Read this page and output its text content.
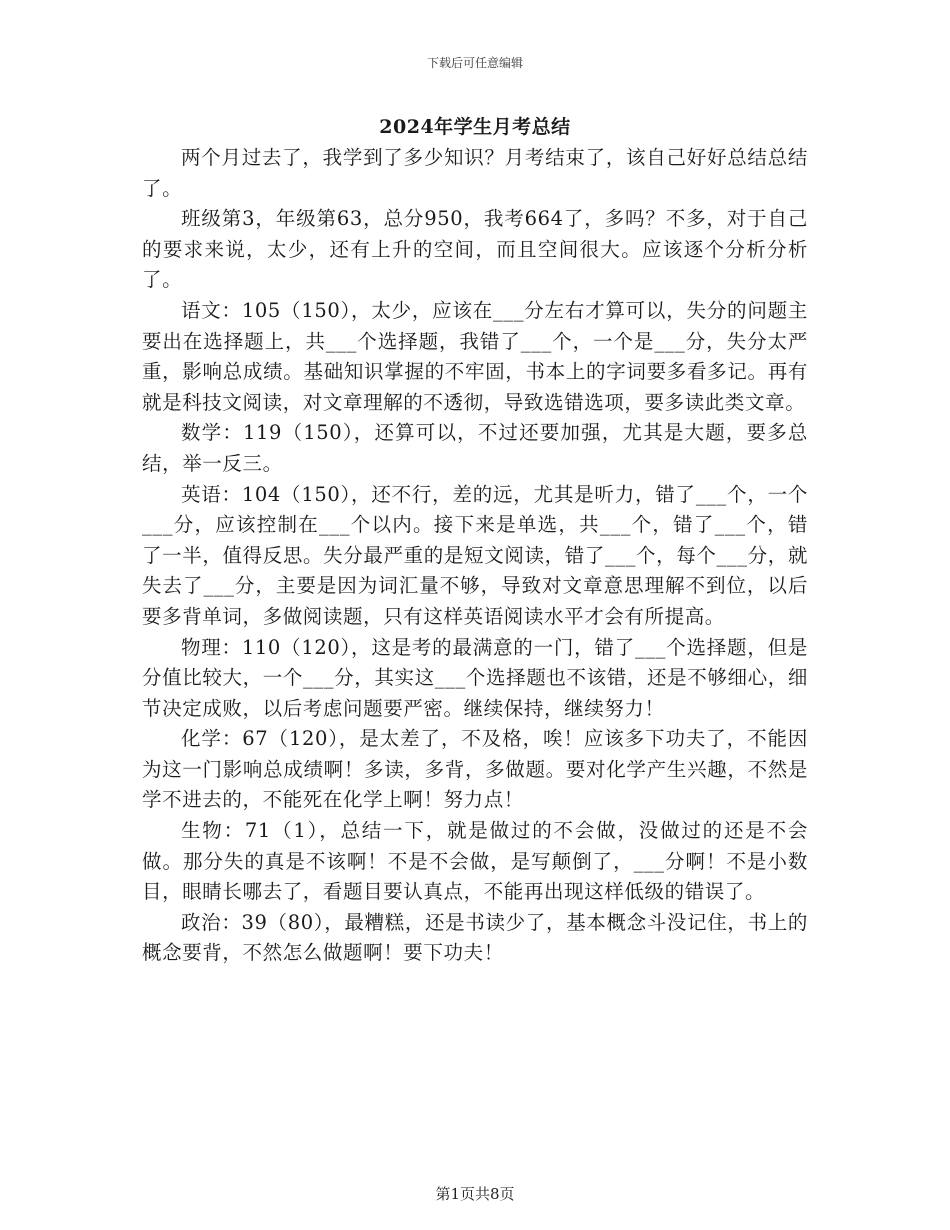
下载后可任意编辑
2024年学生月考总结

两个月过去了，我学到了多少知识？月考结束了，该自己好好总结总结了。

班级第3，年级第63，总分950，我考664了，多吗？不多，对于自己的要求来说，太少，还有上升的空间，而且空间很大。应该逐个分析分析了。

语文：105（150），太少，应该在___分左右才算可以，失分的问题主要出在选择题上，共___个选择题，我错了___个，一个是___分，失分太严重，影响总成绩。基础知识掌握的不牢固，书本上的字词要多看多记。再有就是科技文阅读，对文章理解的不透彻，导致选错选项，要多读此类文章。

数学：119（150），还算可以，不过还要加强，尤其是大题，要多总结，举一反三。

英语：104（150），还不行，差的远，尤其是听力，错了___个，一个___分，应该控制在___个以内。接下来是单选，共___个，错了___个，错了一半，值得反思。失分最严重的是短文阅读，错了___个，每个___分，就失去了___分，主要是因为词汇量不够，导致对文章意思理解不到位，以后要多背单词，多做阅读题，只有这样英语阅读水平才会有所提高。

物理：110（120），这是考的最满意的一门，错了___个选择题，但是分值比较大，一个___分，其实这___个选择题也不该错，还是不够细心，细节决定成败，以后考虑问题要严密。继续保持，继续努力！

化学：67（120），是太差了，不及格，唉！应该多下功夫了，不能因为这一门影响总成绩啊！多读，多背，多做题。要对化学产生兴趣，不然是学不进去的，不能死在化学上啊！努力点！

生物：71（1），总结一下，就是做过的不会做，没做过的还是不会做。那分失的真是不该啊！不是不会做，是写颠倒了，___分啊！不是小数目，眼睛长哪去了，看题目要认真点，不能再出现这样低级的错误了。

政治：39（80），最糟糕，还是书读少了，基本概念斗没记住，书上的概念要背，不然怎么做题啊！要下功夫！

第1页共8页
